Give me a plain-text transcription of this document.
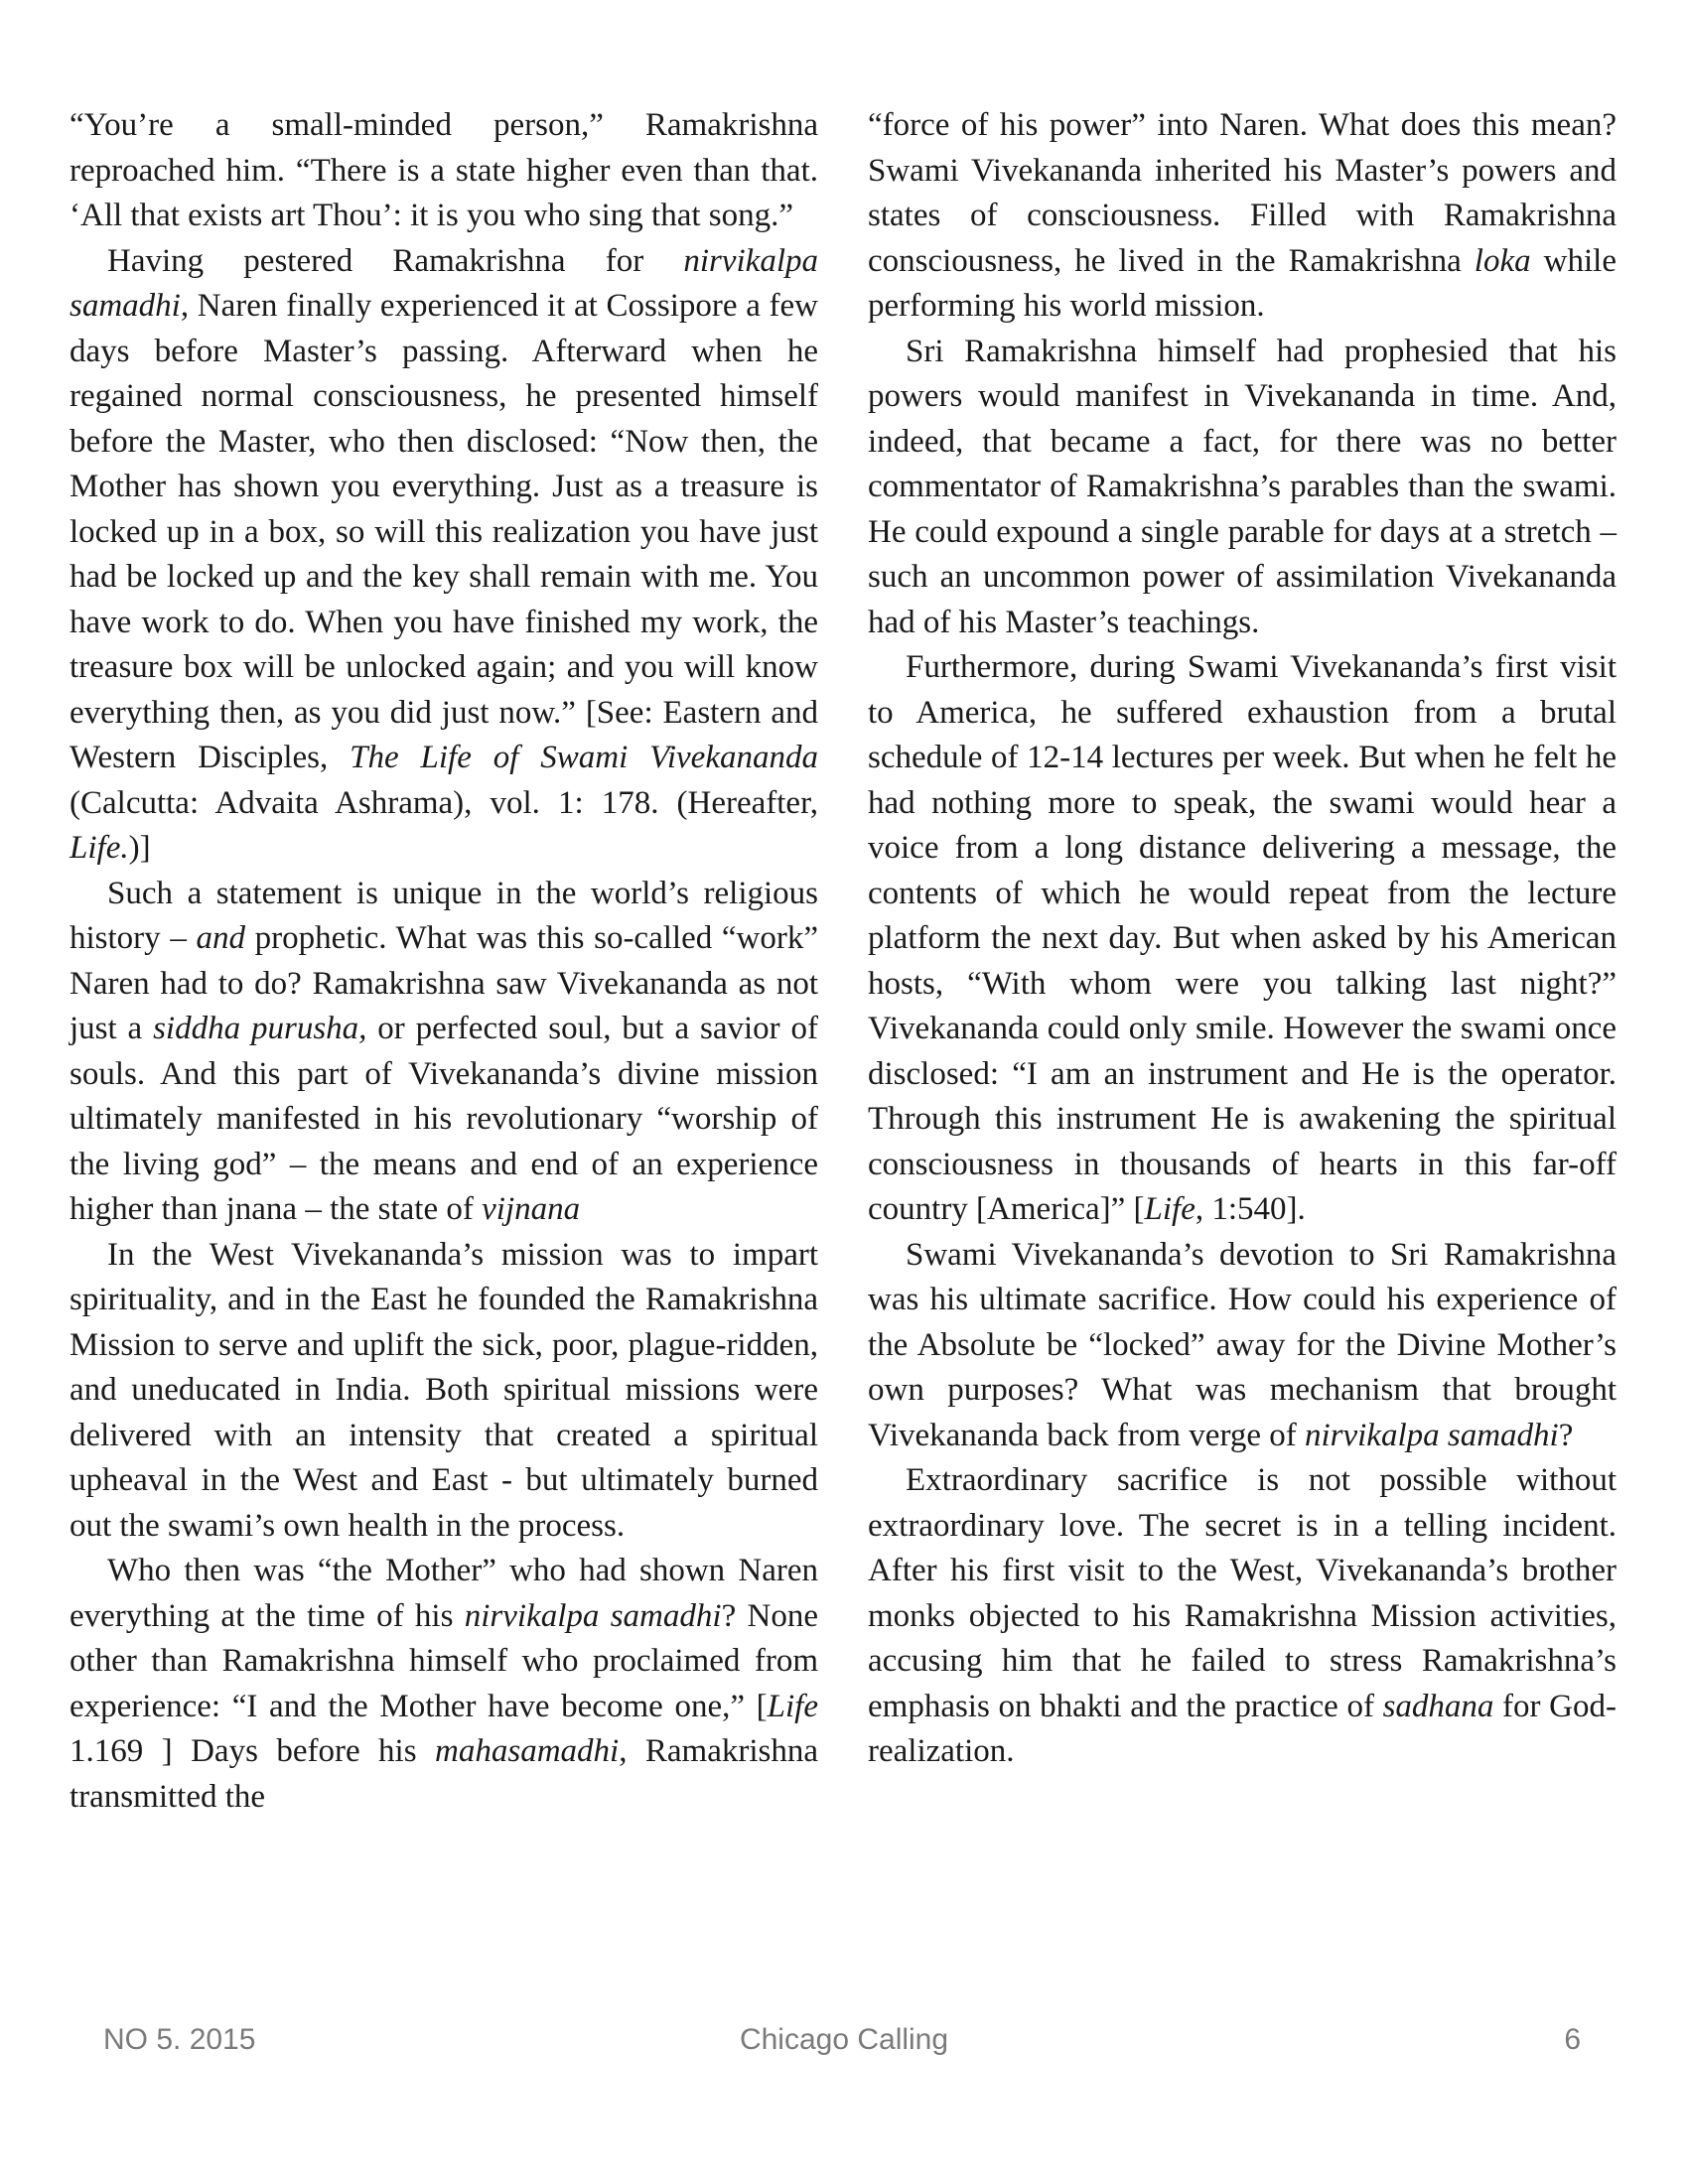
“You’re a small-minded person,” Ramakrishna reproached him. “There is a state higher even than that. ‘All that exists art Thou’: it is you who sing that song.”

Having pestered Ramakrishna for nirvikalpa samadhi, Naren finally experienced it at Cossipore a few days before Master’s passing. Afterward when he regained normal consciousness, he presented himself before the Master, who then disclosed: “Now then, the Mother has shown you everything. Just as a treasure is locked up in a box, so will this realization you have just had be locked up and the key shall remain with me. You have work to do. When you have finished my work, the treasure box will be unlocked again; and you will know everything then, as you did just now.” [See: Eastern and Western Disciples, The Life of Swami Vivekananda (Calcutta: Advaita Ashrama), vol. 1: 178. (Hereafter, Life.)]

Such a statement is unique in the world’s religious history – and prophetic. What was this so-called “work” Naren had to do? Ramakrishna saw Vivekananda as not just a siddha purusha, or perfected soul, but a savior of souls. And this part of Vivekananda’s divine mission ultimately manifested in his revolutionary “worship of the living god” – the means and end of an experience higher than jnana – the state of vijnana

In the West Vivekananda’s mission was to impart spirituality, and in the East he founded the Ramakrishna Mission to serve and uplift the sick, poor, plague-ridden, and uneducated in India. Both spiritual missions were delivered with an intensity that created a spiritual upheaval in the West and East - but ultimately burned out the swami’s own health in the process.

Who then was “the Mother” who had shown Naren everything at the time of his nirvikalpa samadhi? None other than Ramakrishna himself who proclaimed from experience: “I and the Mother have become one,” [Life 1.169 ] Days before his mahasamadhi, Ramakrishna transmitted the

“force of his power” into Naren. What does this mean? Swami Vivekananda inherited his Master’s powers and states of consciousness. Filled with Ramakrishna consciousness, he lived in the Ramakrishna loka while performing his world mission.

Sri Ramakrishna himself had prophesied that his powers would manifest in Vivekananda in time. And, indeed, that became a fact, for there was no better commentator of Ramakrishna’s parables than the swami. He could expound a single parable for days at a stretch – such an uncommon power of assimilation Vivekananda had of his Master’s teachings.

Furthermore, during Swami Vivekananda’s first visit to America, he suffered exhaustion from a brutal schedule of 12-14 lectures per week. But when he felt he had nothing more to speak, the swami would hear a voice from a long distance delivering a message, the contents of which he would repeat from the lecture platform the next day. But when asked by his American hosts, “With whom were you talking last night?” Vivekananda could only smile. However the swami once disclosed: “I am an instrument and He is the operator. Through this instrument He is awakening the spiritual consciousness in thousands of hearts in this far-off country [America]” [Life, 1:540].

Swami Vivekananda’s devotion to Sri Ramakrishna was his ultimate sacrifice. How could his experience of the Absolute be “locked” away for the Divine Mother’s own purposes? What was mechanism that brought Vivekananda back from verge of nirvikalpa samadhi?

Extraordinary sacrifice is not possible without extraordinary love. The secret is in a telling incident. After his first visit to the West, Vivekananda’s brother monks objected to his Ramakrishna Mission activities, accusing him that he failed to stress Ramakrishna’s emphasis on bhakti and the practice of sadhana for God-realization.

NO 5. 2015	Chicago Calling	6
